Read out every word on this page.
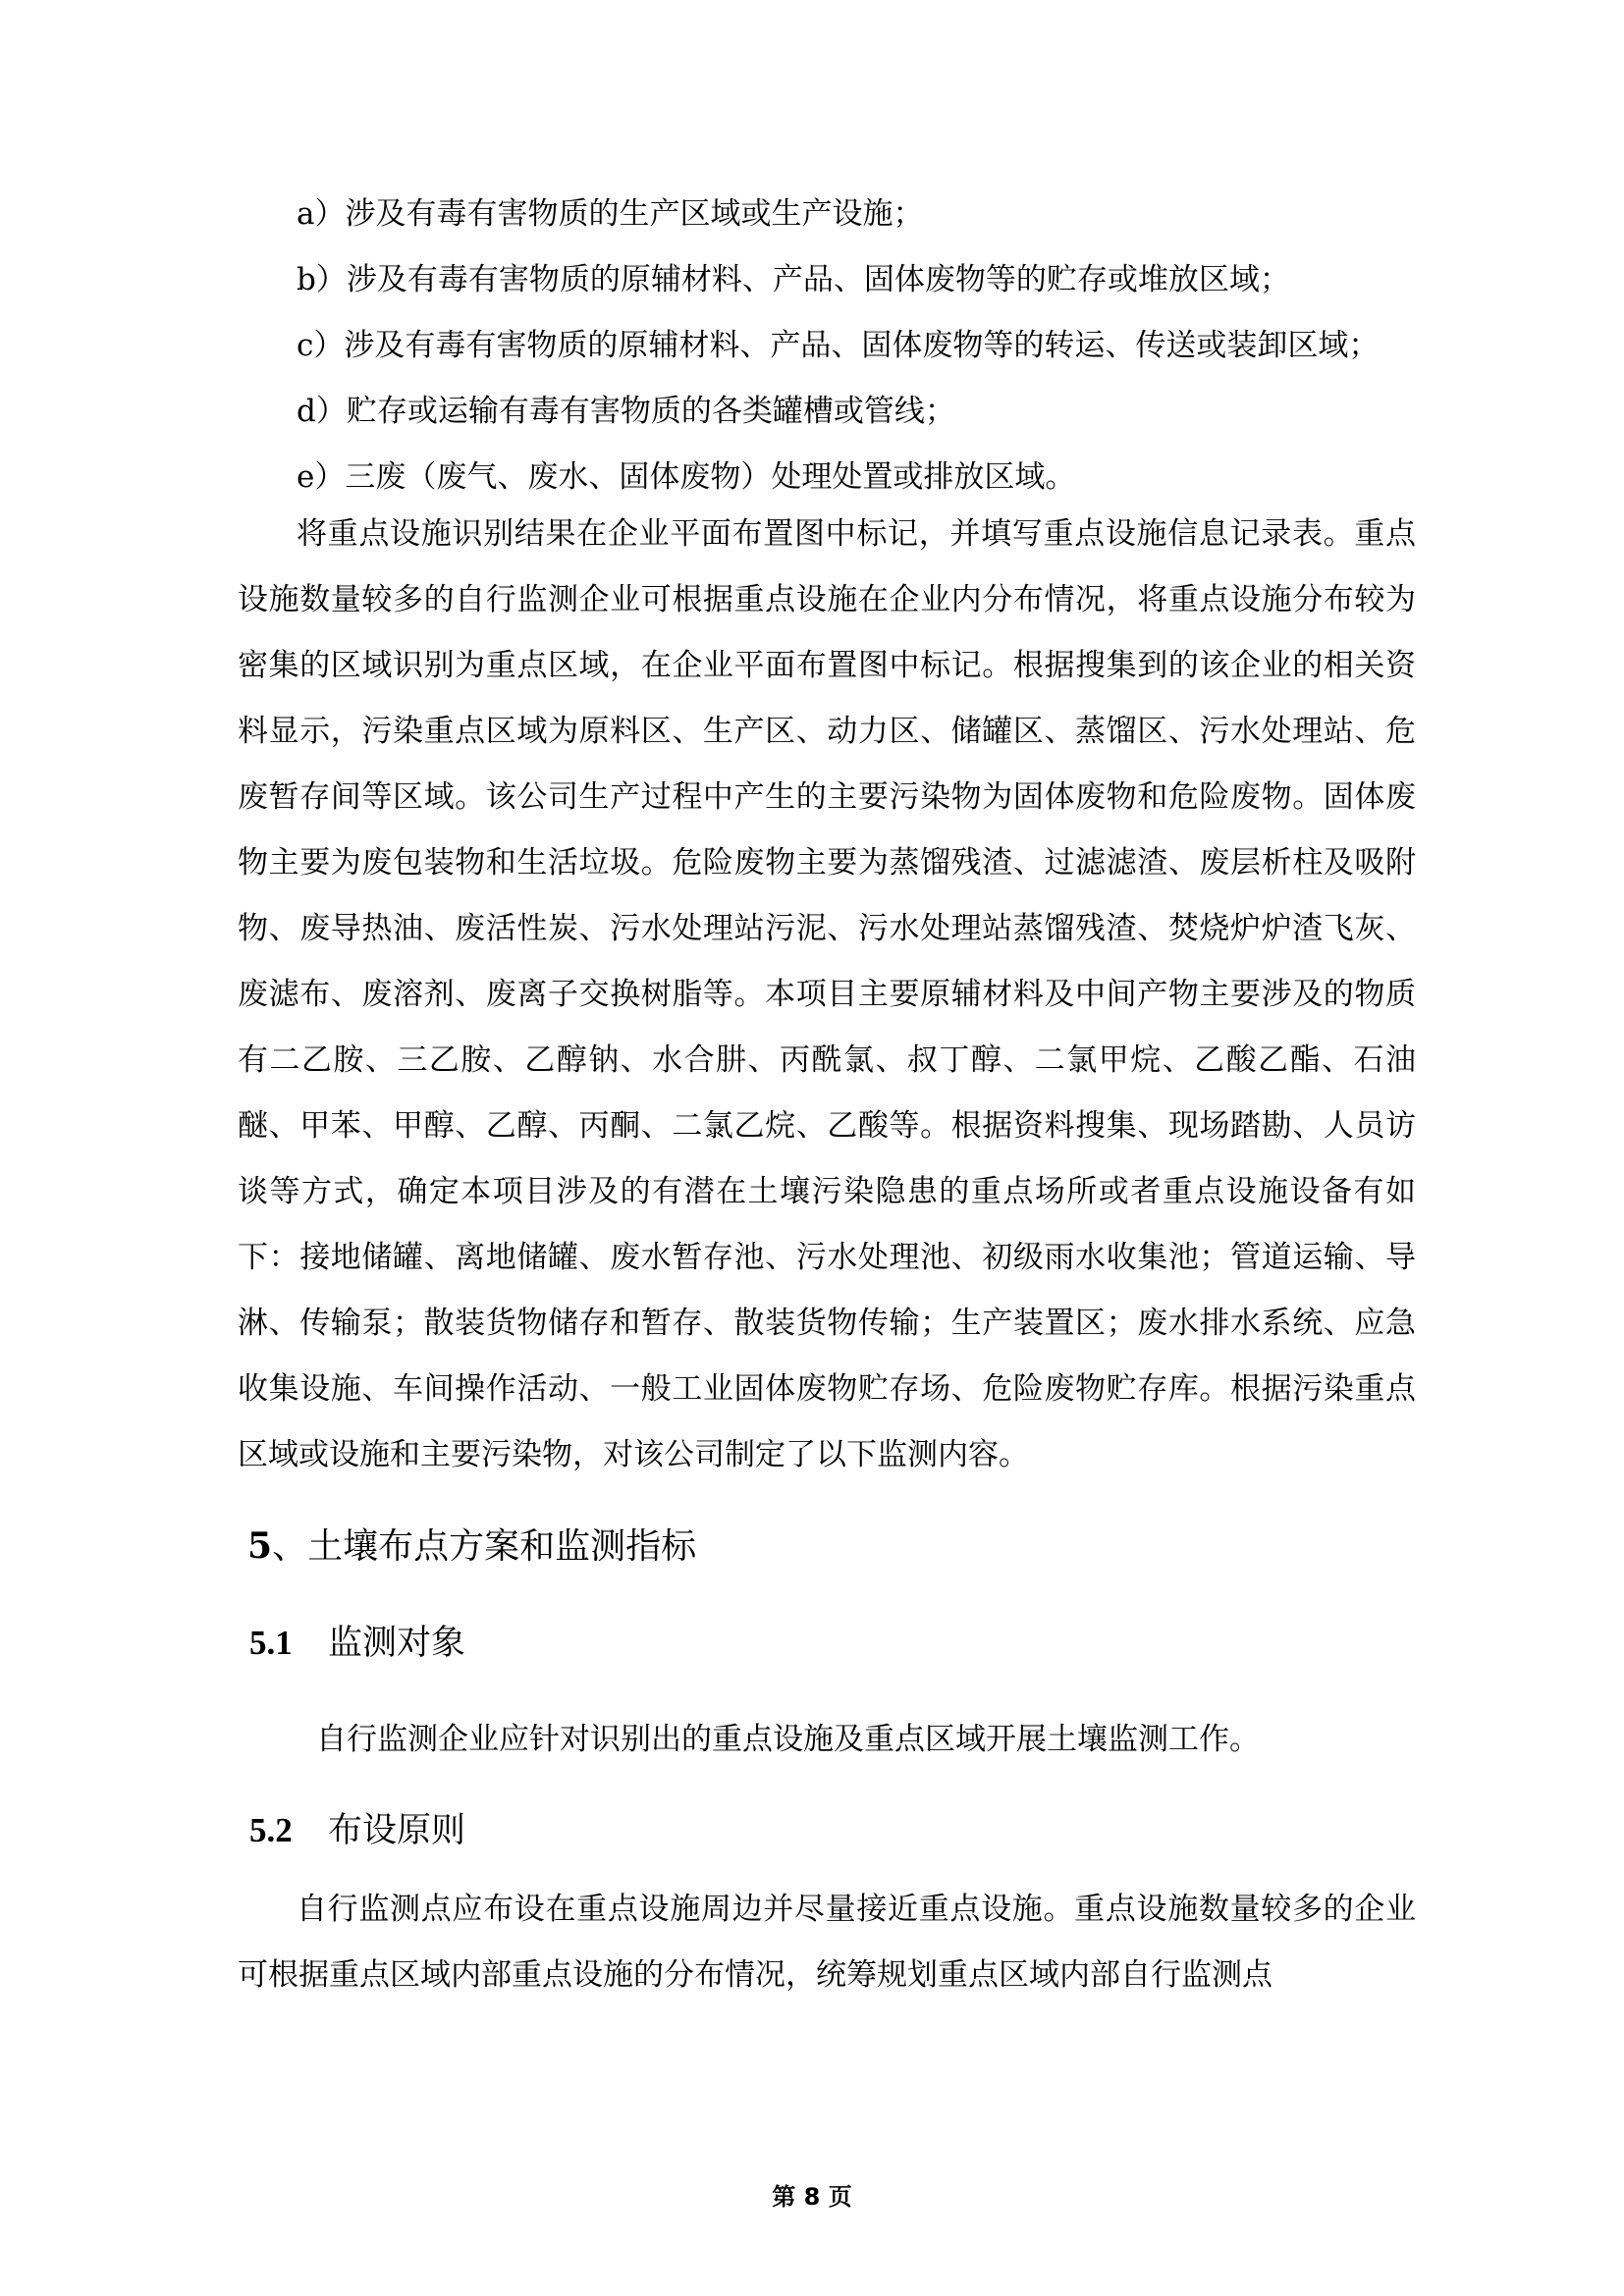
a）涉及有毒有害物质的生产区域或生产设施；

b）涉及有毒有害物质的原辅材料、产品、固体废物等的贮存或堆放区域；

c）涉及有毒有害物质的原辅材料、产品、固体废物等的转运、传送或装卸区域；

d）贮存或运输有毒有害物质的各类罐槽或管线；

e）三废（废气、废水、固体废物）处理处置或排放区域。

将重点设施识别结果在企业平面布置图中标记，并填写重点设施信息记录表。重点设施数量较多的自行监测企业可根据重点设施在企业内分布情况，将重点设施分布较为密集的区域识别为重点区域，在企业平面布置图中标记。根据搜集到的该企业的相关资料显示，污染重点区域为原料区、生产区、动力区、储罐区、蒸馏区、污水处理站、危废暂存间等区域。该公司生产过程中产生的主要污染物为固体废物和危险废物。固体废物主要为废包装物和生活垃圾。危险废物主要为蒸馏残渣、过滤滤渣、废层析柱及吸附物、废导热油、废活性炭、污水处理站污泥、污水处理站蒸馏残渣、焚烧炉炉渣飞灰、废滤布、废溶剂、废离子交换树脂等。本项目主要原辅材料及中间产物主要涉及的物质有二乙胺、三乙胺、乙醇钠、水合肼、丙酰氯、叔丁醇、二氯甲烷、乙酸乙酯、石油醚、甲苯、甲醇、乙醇、丙酮、二氯乙烷、乙酸等。根据资料搜集、现场踏勘、人员访谈等方式，确定本项目涉及的有潜在土壤污染隐患的重点场所或者重点设施设备有如下：接地储罐、离地储罐、废水暂存池、污水处理池、初级雨水收集池；管道运输、导淋、传输泵；散装货物储存和暂存、散装货物传输；生产装置区；废水排水系统、应急收集设施、车间操作活动、一般工业固体废物贮存场、危险废物贮存库。根据污染重点区域或设施和主要污染物，对该公司制定了以下监测内容。

5、土壤布点方案和监测指标
5.1 监测对象

自行监测企业应针对识别出的重点设施及重点区域开展土壤监测工作。

5.2 布设原则

自行监测点应布设在重点设施周边并尽量接近重点设施。重点设施数量较多的企业可根据重点区域内部重点设施的分布情况，统筹规划重点区域内部自行监测点

第 8 页
